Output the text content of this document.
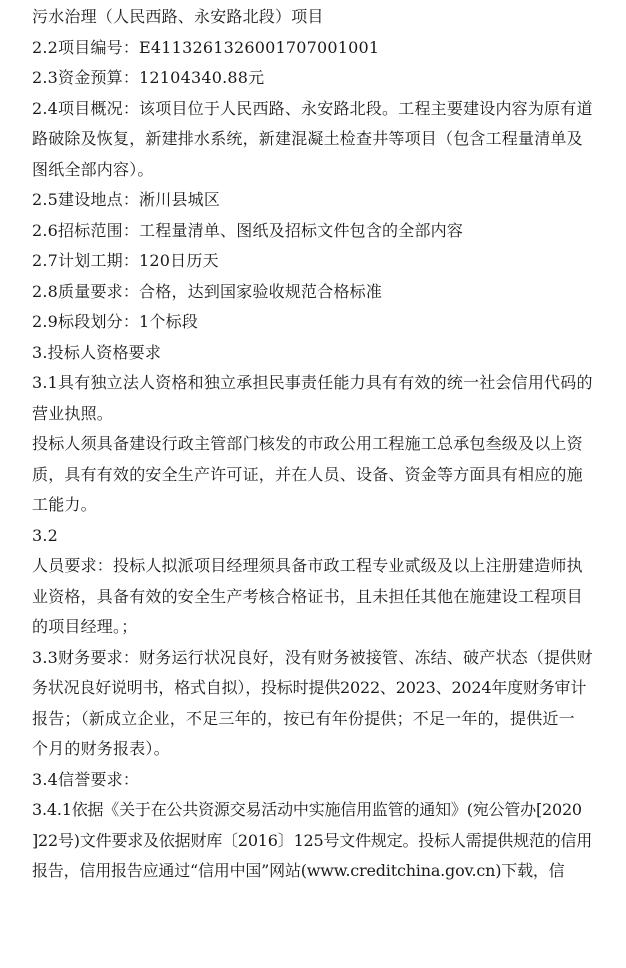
污水治理（人民西路、永安路北段）项目
2.2项目编号：E4113261326001707001001
2.3资金预算：12104340.88元
2.4项目概况：该项目位于人民西路、永安路北段。工程主要建设内容为原有道
路破除及恢复，新建排水系统，新建混凝土检查井等项目（包含工程量清单及
图纸全部内容）。
2.5建设地点：淅川县城区
2.6招标范围：工程量清单、图纸及招标文件包含的全部内容
2.7计划工期：120日历天
2.8质量要求：合格，达到国家验收规范合格标准
2.9标段划分：1个标段
3.投标人资格要求
3.1具有独立法人资格和独立承担民事责任能力具有有效的统一社会信用代码的
营业执照。
投标人须具备建设行政主管部门核发的市政公用工程施工总承包叁级及以上资
质，具有有效的安全生产许可证，并在人员、设备、资金等方面具有相应的施
工能力。
3.2
人员要求：投标人拟派项目经理须具备市政工程专业贰级及以上注册建造师执
业资格，具备有效的安全生产考核合格证书，且未担任其他在施建设工程项目
的项目经理。；
3.3财务要求：财务运行状况良好，没有财务被接管、冻结、破产状态（提供财
务状况良好说明书，格式自拟），投标时提供2022、2023、2024年度财务审计
报告；（新成立企业，不足三年的，按已有年份提供；不足一年的，提供近一
个月的财务报表）。
3.4信誉要求：
3.4.1依据《关于在公共资源交易活动中实施信用监管的通知》(宛公管办[2020
]22号)文件要求及依据财库〔2016〕125号文件规定。投标人需提供规范的信用
报告，信用报告应通过“信用中国”网站(www.creditchina.gov.cn)下载，信
